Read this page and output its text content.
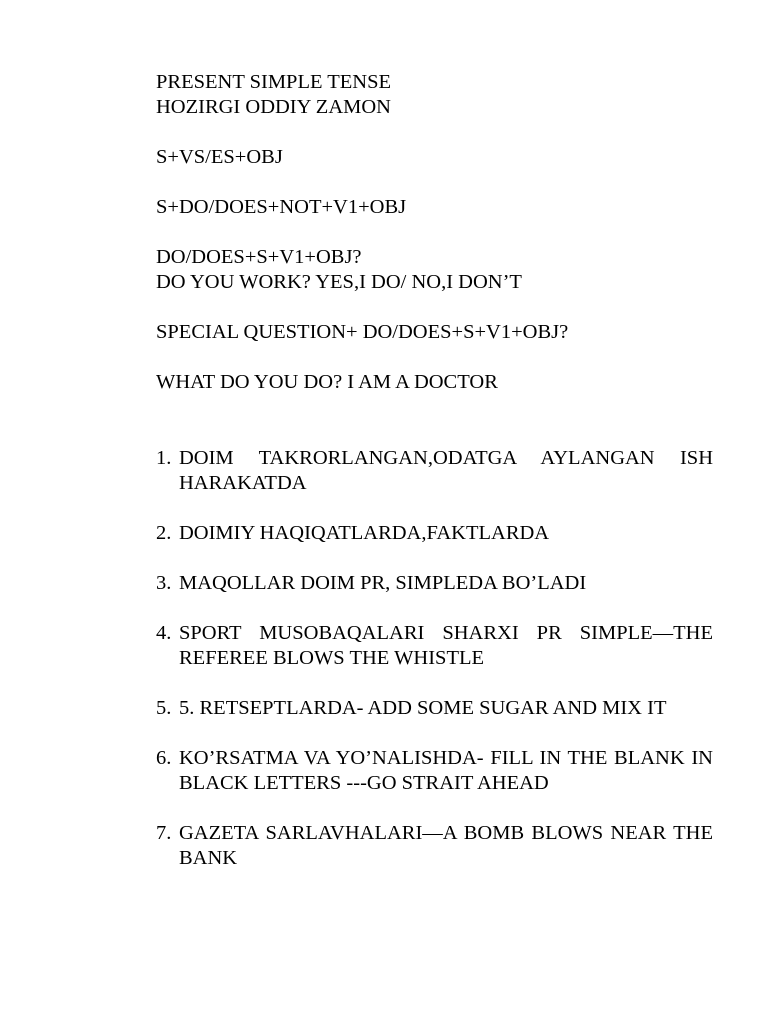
PRESENT SIMPLE TENSE
HOZIRGI ODDIY ZAMON
S+VS/ES+OBJ
S+DO/DOES+NOT+V1+OBJ
DO/DOES+S+V1+OBJ?
DO YOU WORK? YES,I DO/ NO,I DON’T
SPECIAL QUESTION+ DO/DOES+S+V1+OBJ?
WHAT DO YOU DO? I AM A DOCTOR
1. DOIM TAKRORLANGAN,ODATGA AYLANGAN ISH HARAKATDA
2. DOIMIY HAQIQATLARDA,FAKTLARDA
3. MAQOLLAR DOIM PR, SIMPLEDA BO’LADI
4. SPORT MUSOBAQALARI SHARXI PR SIMPLE—THE REFEREE BLOWS THE WHISTLE
5. 5. RETSEPTLARDA- ADD SOME SUGAR AND MIX IT
6. KO’RSATMA VA YO’NALISHDA- FILL IN THE BLANK IN BLACK LETTERS ---GO STRAIT AHEAD
7. GAZETA SARLAVHALARI—A BOMB BLOWS NEAR THE BANK
